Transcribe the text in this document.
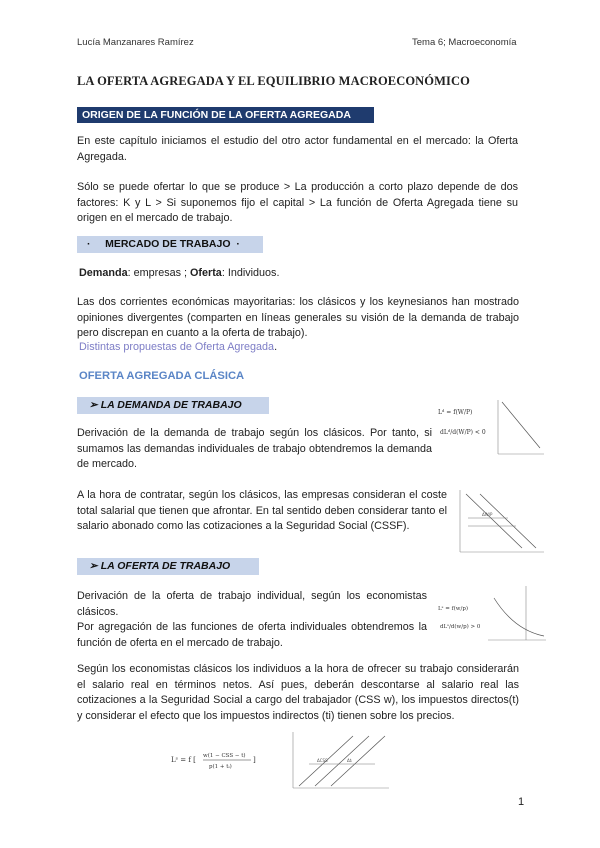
Lucía Manzanares Ramírez	Tema 6; Macroeconomía
LA OFERTA AGREGADA Y EL EQUILIBRIO MACROECONÓMICO
ORIGEN DE LA FUNCIÓN DE LA OFERTA AGREGADA
En este capítulo iniciamos el estudio del otro actor fundamental en el mercado: la Oferta Agregada.
Sólo se puede ofertar lo que se produce > La producción a corto plazo depende de dos factores: K y L > Si suponemos fijo el capital > La función de Oferta Agregada tiene su origen en el mercado de trabajo.
· MERCADO DE TRABAJO ·
Demanda: empresas ; Oferta: Individuos.
Las dos corrientes económicas mayoritarias: los clásicos y los keynesianos han mostrado opiniones divergentes (comparten en líneas generales su visión de la demanda de trabajo pero discrepan en cuanto a la oferta de trabajo).
Distintas propuestas de Oferta Agregada.
OFERTA AGREGADA CLÁSICA
➢ LA DEMANDA DE TRABAJO
Derivación de la demanda de trabajo según los clásicos. Por tanto, si sumamos las demandas individuales de trabajo obtendremos la demanda de mercado.
A la hora de contratar, según los clásicos, las empresas consideran el coste total salarial que tienen que afrontar. En tal sentido deben considerar tanto el salario abonado como las cotizaciones a la Seguridad Social (CSSF).
➢ LA OFERTA DE TRABAJO
Derivación de la oferta de trabajo individual, según los economistas clásicos.
Por agregación de las funciones de oferta individuales obtendremos la función de oferta en el mercado de trabajo.
Según los economistas clásicos los individuos a la hora de ofrecer su trabajo considerarán el salario real en términos netos. Así pues, deberán descontarse al salario real las cotizaciones a la Seguridad Social a cargo del trabajador (CSS w), los impuestos directos(t) y considerar el efecto que los impuestos indirectos (ti) tienen sobre los precios.
Lᵈ = f(W/P)
dLᵈ/d(W/P) < 0
ΔW/P
Lˢ = f(w/p)
dLˢ/d(w/p) > 0
Lˢ = f [ w(1 − CSS − t)
p(1 + tᵢ)
]	ΔCSS	Δtᵢ
1
